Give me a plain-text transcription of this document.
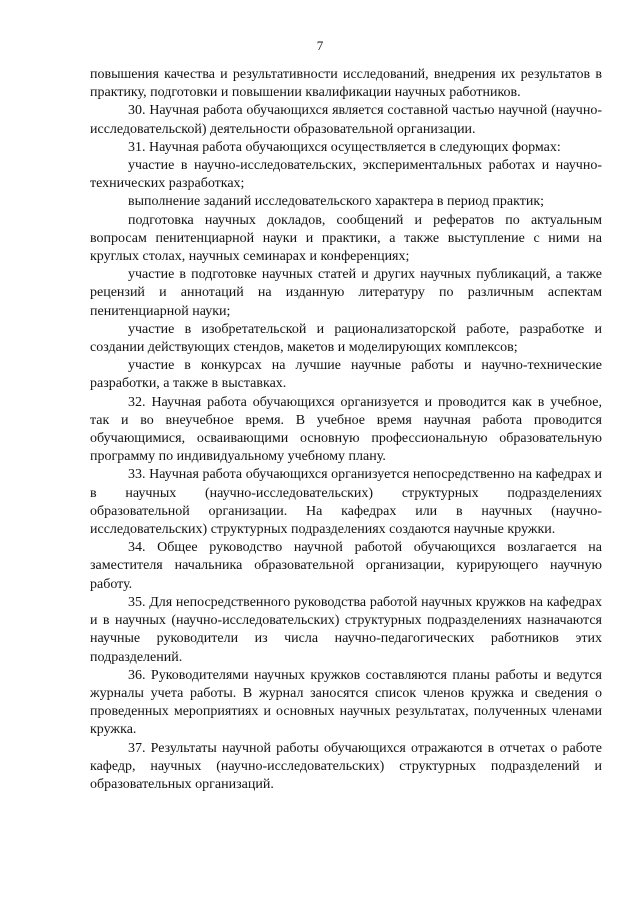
7

повышения качества и результативности исследований, внедрения их результатов в практику, подготовки и повышении квалификации научных работников.

30. Научная работа обучающихся является составной частью научной (научно-исследовательской) деятельности образовательной организации.

31. Научная работа обучающихся осуществляется в следующих формах:

участие в научно-исследовательских, экспериментальных работах и научно-технических разработках;

выполнение заданий исследовательского характера в период практик;

подготовка научных докладов, сообщений и рефератов по актуальным вопросам пенитенциарной науки и практики, а также выступление с ними на круглых столах, научных семинарах и конференциях;

участие в подготовке научных статей и других научных публикаций, а также рецензий и аннотаций на изданную литературу по различным аспектам пенитенциарной науки;

участие в изобретательской и рационализаторской работе, разработке и создании действующих стендов, макетов и моделирующих комплексов;

участие в конкурсах на лучшие научные работы и научно-технические разработки, а также в выставках.

32. Научная работа обучающихся организуется и проводится как в учебное, так и во внеучебное время. В учебное время научная работа проводится обучающимися, осваивающими основную профессиональную образовательную программу по индивидуальному учебному плану.

33. Научная работа обучающихся организуется непосредственно на кафедрах и в научных (научно-исследовательских) структурных подразделениях образовательной организации. На кафедрах или в научных (научно-исследовательских) структурных подразделениях создаются научные кружки.

34. Общее руководство научной работой обучающихся возлагается на заместителя начальника образовательной организации, курирующего научную работу.

35. Для непосредственного руководства работой научных кружков на кафедрах и в научных (научно-исследовательских) структурных подразделениях назначаются научные руководители из числа научно-педагогических работников этих подразделений.

36. Руководителями научных кружков составляются планы работы и ведутся журналы учета работы. В журнал заносятся список членов кружка и сведения о проведенных мероприятиях и основных научных результатах, полученных членами кружка.

37. Результаты научной работы обучающихся отражаются в отчетах о работе кафедр, научных (научно-исследовательских) структурных подразделений и образовательных организаций.
